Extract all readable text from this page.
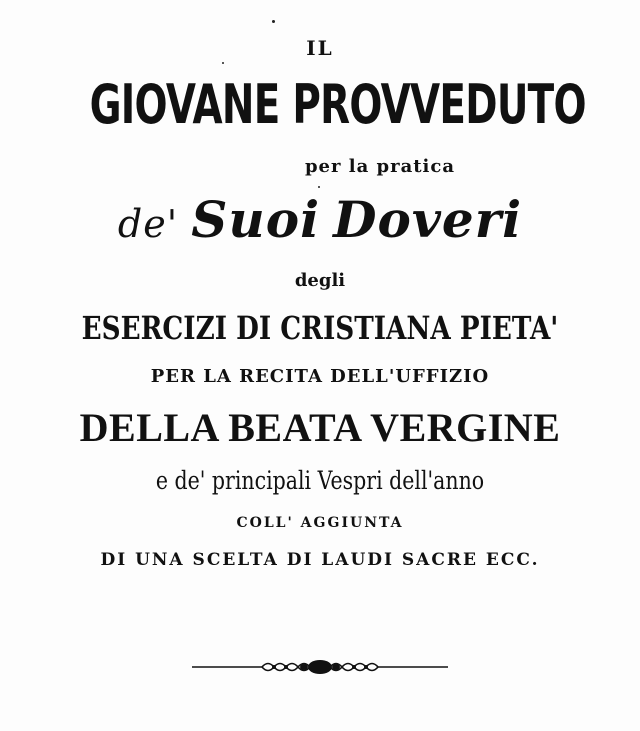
IL
GIOVANE PROVVEDUTO
per la pratica
de' Suoi Doveri
degli
ESERCIZI DI CRISTIANA PIETA'
PER LA RECITA DELL'UFFIZIO
DELLA BEATA VERGINE
e de' principali Vespri dell'anno
COLL' AGGIUNTA
DI UNA SCELTA DI LAUDI SACRE ECC.
